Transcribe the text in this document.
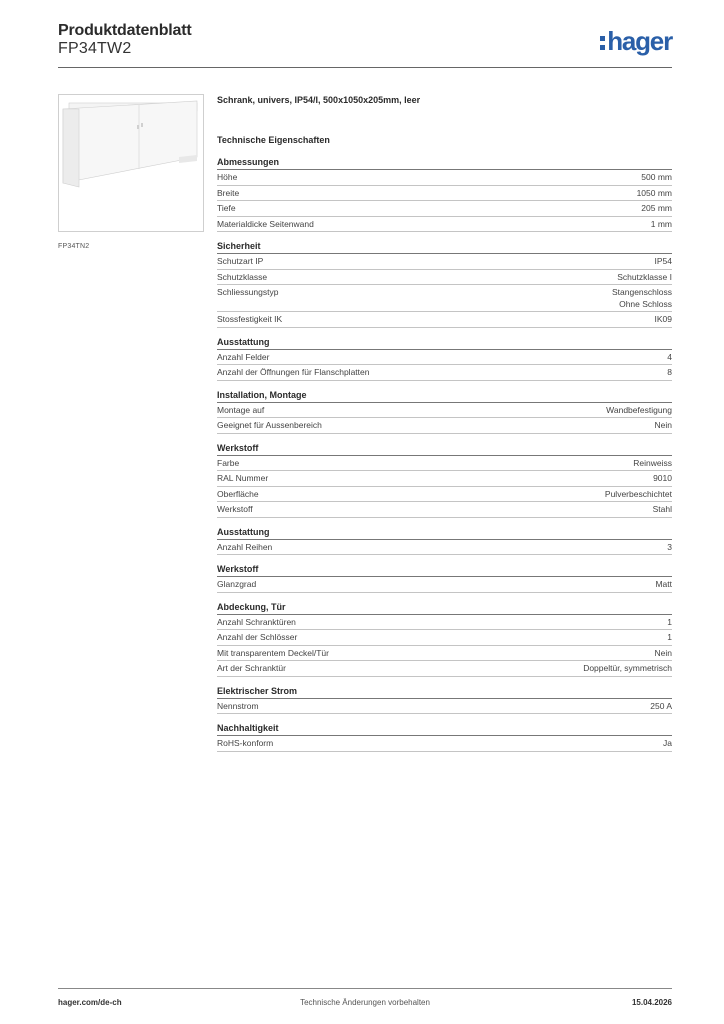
Produktdatenblatt
FP34TW2	hager
FP34TN2
Schrank, univers, IP54/I, 500x1050x205mm, leer
Technische Eigenschaften
Abmessungen
Höhe	500 mm
Breite	1050 mm
Tiefe	205 mm
Materialdicke Seitenwand	1 mm
Sicherheit
Schutzart IP	IP54
Schutzklasse	Schutzklasse I
Schliessungstyp	Stangenschloss
Ohne Schloss
Stossfestigkeit IK	IK09
Ausstattung
Anzahl Felder	4
Anzahl der Öffnungen für Flanschplatten	8
Installation, Montage
Montage auf	Wandbefestigung
Geeignet für Aussenbereich	Nein
Werkstoff
Farbe	Reinweiss
RAL Nummer	9010
Oberfläche	Pulverbeschichtet
Werkstoff	Stahl
Ausstattung
Anzahl Reihen	3
Werkstoff
Glanzgrad	Matt
Abdeckung, Tür
Anzahl Schranktüren	1
Anzahl der Schlösser	1
Mit transparentem Deckel/Tür	Nein
Art der Schranktür	Doppeltür, symmetrisch
Elektrischer Strom
Nennstrom	250 A
Nachhaltigkeit
RoHS-konform	Ja
hager.com/de-ch	Technische Änderungen vorbehalten	15.04.2026
